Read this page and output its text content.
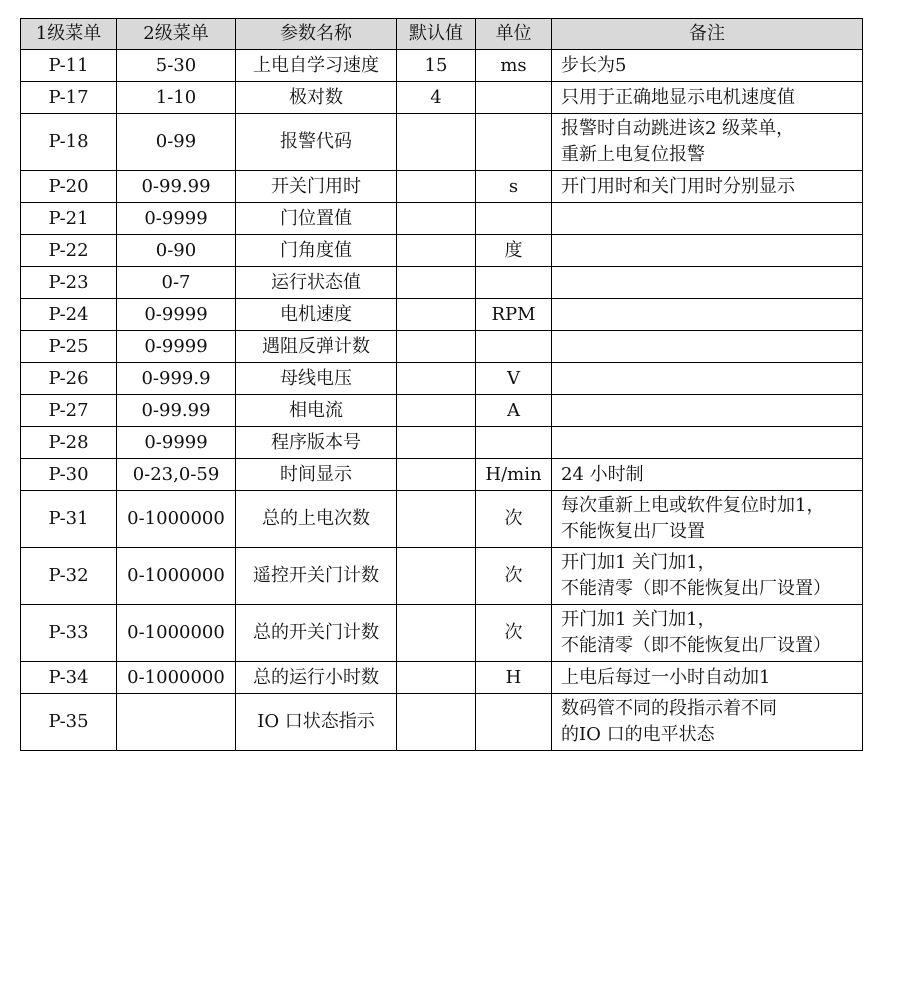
1级菜单	2级菜单	参数名称	默认值	单位	备注
P-11	5-30	上电自学习速度	15	ms	步长为5

P-17	1-10	极对数	4		只用于正确地显示电机速度值

P-18	0-99	报警代码			报警时自动跳进该2 级菜单，
重新上电复位报警

P-20	0-99.99	开关门用时		s	开门用时和关门用时分别显示

P-21	0-9999	门位置值			

P-22	0-90	门角度值		度	

P-23	0-7	运行状态值			

P-24	0-9999	电机速度		RPM	

P-25	0-9999	遇阻反弹计数			

P-26	0-999.9	母线电压		V	

P-27	0-99.99	相电流		A	

P-28	0-9999	程序版本号			

P-30	0-23,0-59	时间显示		H/min	24 小时制

P-31	0-1000000	总的上电次数		次	每次重新上电或软件复位时加1，
不能恢复出厂设置

P-32	0-1000000	遥控开关门计数		次	开门加1 关门加1，
不能清零（即不能恢复出厂设置）

P-33	0-1000000	总的开关门计数		次	开门加1 关门加1，
不能清零（即不能恢复出厂设置）

P-34	0-1000000	总的运行小时数		H	上电后每过一小时自动加1

P-35		IO 口状态指示			数码管不同的段指示着不同
的IO 口的电平状态
